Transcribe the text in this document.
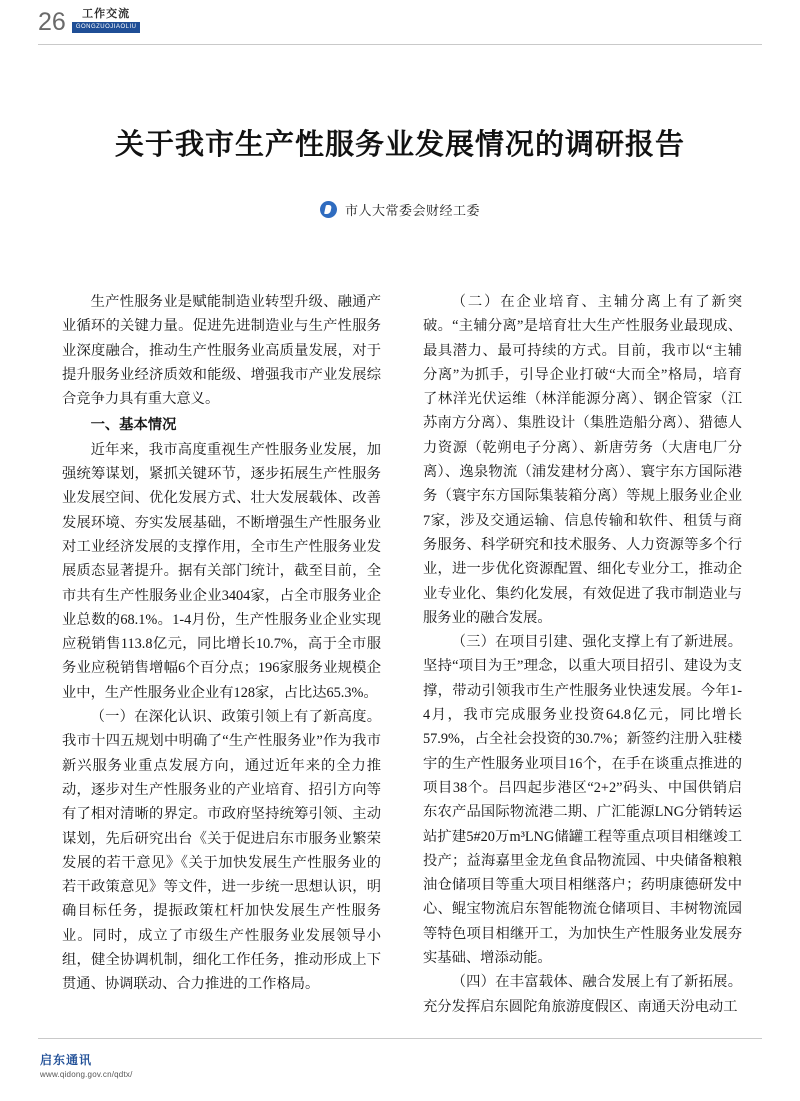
26 工作交流
GONGZUOJIAOLIU
关于我市生产性服务业发展情况的调研报告
市人大常委会财经工委

生产性服务业是赋能制造业转型升级、融通产业循环的关键力量。促进先进制造业与生产性服务业深度融合，推动生产性服务业高质量发展，对于提升服务业经济质效和能级、增强我市产业发展综合竞争力具有重大意义。

一、基本情况

近年来，我市高度重视生产性服务业发展，加强统筹谋划，紧抓关键环节，逐步拓展生产性服务业发展空间、优化发展方式、壮大发展载体、改善发展环境、夯实发展基础，不断增强生产性服务业对工业经济发展的支撑作用，全市生产性服务业发展质态显著提升。据有关部门统计，截至目前，全市共有生产性服务业企业3404家，占全市服务业企业总数的68.1%。1-4月份，生产性服务业企业实现应税销售113.8亿元，同比增长10.7%，高于全市服务业应税销售增幅6个百分点；196家服务业规模企业中，生产性服务业企业有128家，占比达65.3%。

（一）在深化认识、政策引领上有了新高度。我市十四五规划中明确了“生产性服务业”作为我市新兴服务业重点发展方向，通过近年来的全力推动，逐步对生产性服务业的产业培育、招引方向等有了相对清晰的界定。市政府坚持统筹引领、主动谋划，先后研究出台《关于促进启东市服务业繁荣发展的若干意见》《关于加快发展生产性服务业的若干政策意见》等文件，进一步统一思想认识，明确目标任务，提振政策杠杆加快发展生产性服务业。同时，成立了市级生产性服务业发展领导小组，健全协调机制，细化工作任务，推动形成上下贯通、协调联动、合力推进的工作格局。

（二）在企业培育、主辅分离上有了新突破。“主辅分离”是培育壮大生产性服务业最现成、最具潜力、最可持续的方式。目前，我市以“主辅分离”为抓手，引导企业打破“大而全”格局，培育了林洋光伏运维（林洋能源分离）、钢企管家（江苏南方分离）、集胜设计（集胜造船分离）、猎德人力资源（乾朔电子分离）、新唐劳务（大唐电厂分离）、逸泉物流（浦发建材分离）、寰宇东方国际港务（寰宇东方国际集装箱分离）等规上服务业企业7家，涉及交通运输、信息传输和软件、租赁与商务服务、科学研究和技术服务、人力资源等多个行业，进一步优化资源配置、细化专业分工，推动企业专业化、集约化发展，有效促进了我市制造业与服务业的融合发展。

（三）在项目引建、强化支撑上有了新进展。坚持“项目为王”理念，以重大项目招引、建设为支撑，带动引领我市生产性服务业快速发展。今年1-4月，我市完成服务业投资64.8亿元，同比增长57.9%，占全社会投资的30.7%；新签约注册入驻楼宇的生产性服务业项目16个，在手在谈重点推进的项目38个。吕四起步港区“2+2”码头、中国供销启东农产品国际物流港二期、广汇能源LNG分销转运站扩建5#20万m³LNG储罐工程等重点项目相继竣工投产；益海嘉里金龙鱼食品物流园、中央储备粮粮油仓储项目等重大项目相继落户；药明康德研发中心、鲲宝物流启东智能物流仓储项目、丰树物流园等特色项目相继开工，为加快生产性服务业发展夯实基础、增添动能。

（四）在丰富载体、融合发展上有了新拓展。充分发挥启东圆陀角旅游度假区、南通天汾电动工

启东通讯
www.qidong.gov.cn/qdtx/
